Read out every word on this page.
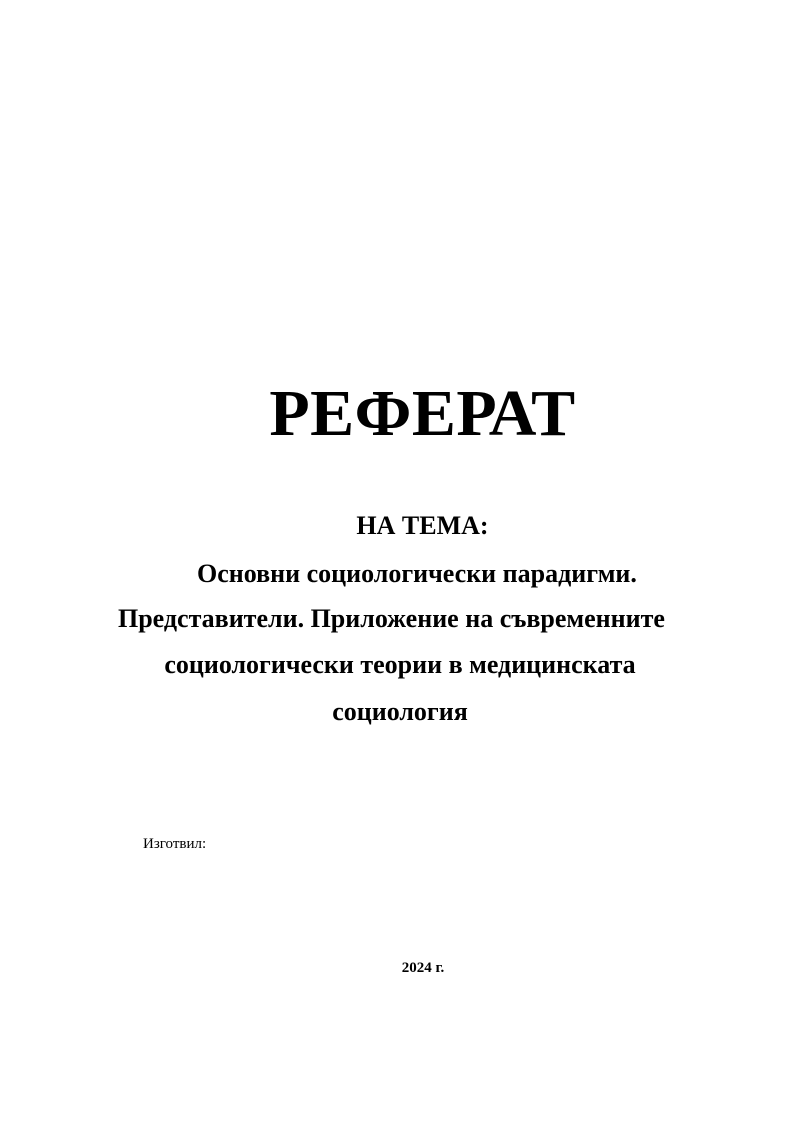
РЕФЕРАТ
НА ТЕМА:
Основни социологически парадигми.
Представители. Приложение на съвременните
социологически теории в медицинската
социология
Изготвил:
2024 г.
